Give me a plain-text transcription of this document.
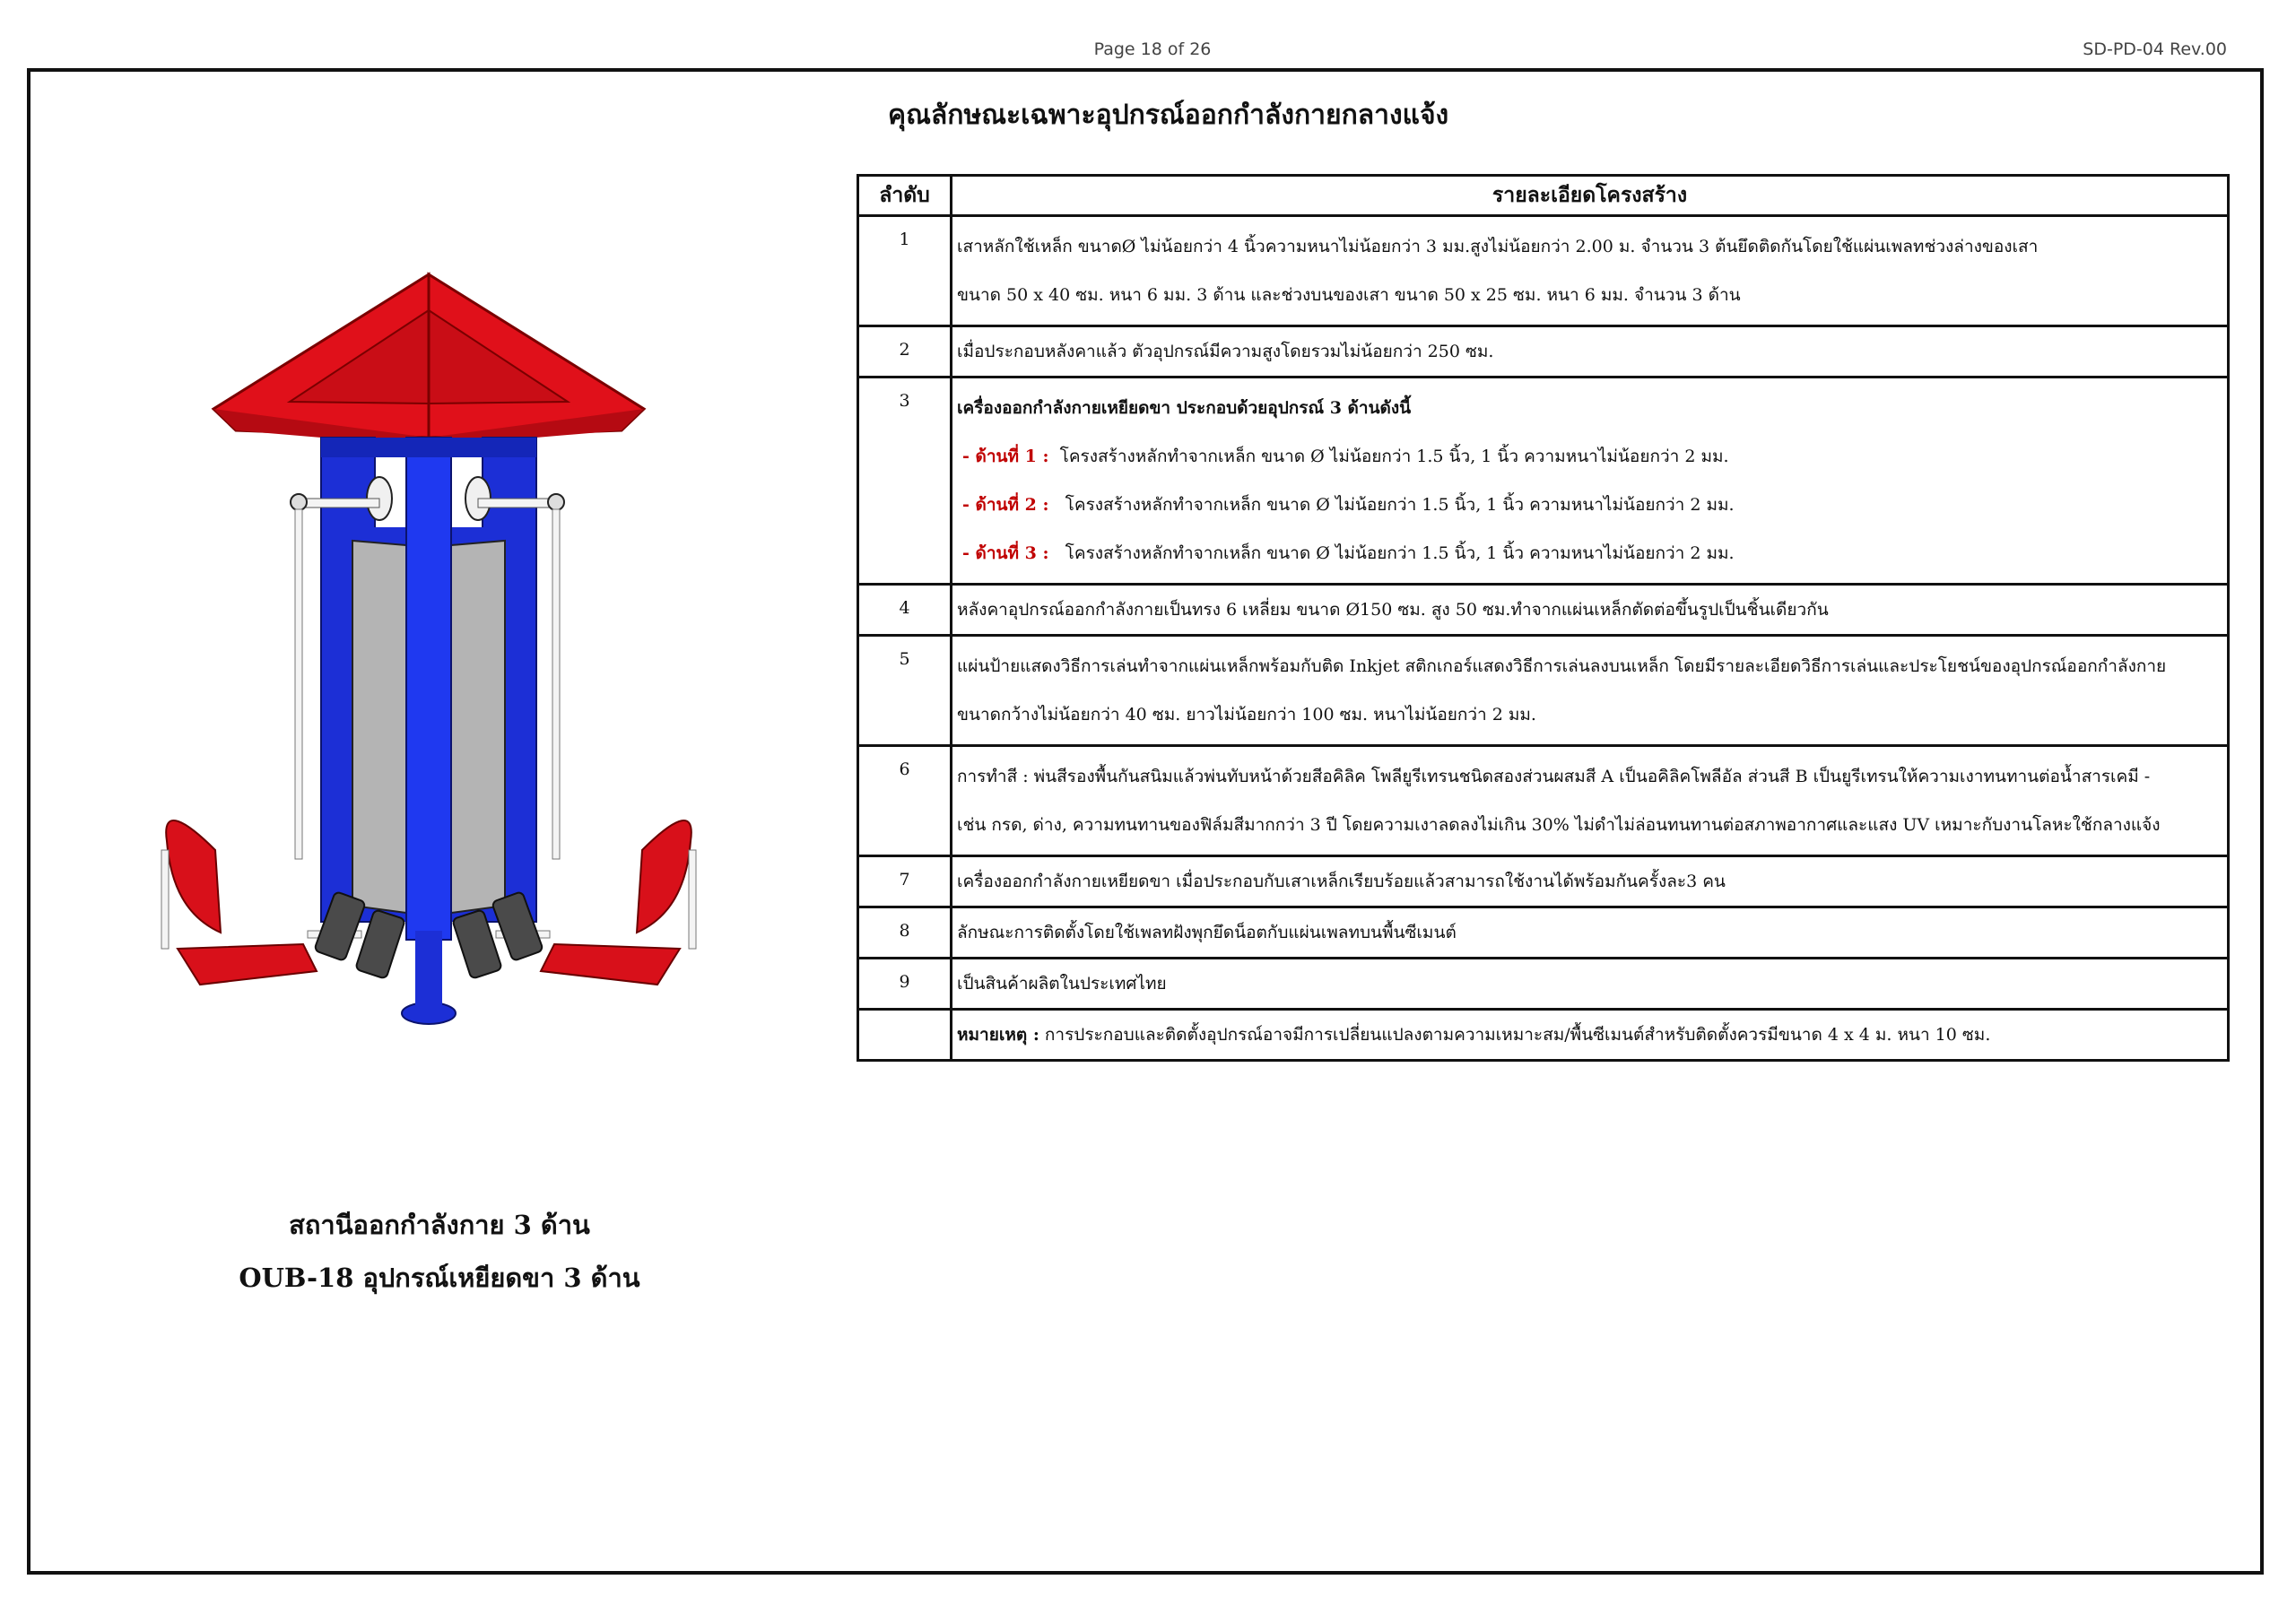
Page 18 of 26	SD-PD-04 Rev.00
คุณลักษณะเฉพาะอุปกรณ์ออกกำลังกายกลางแจ้ง
ลำดับ	รายละเอียดโครงสร้าง
1	เสาหลักใช้เหล็ก ขนาดØ ไม่น้อยกว่า 4 นิ้วความหนาไม่น้อยกว่า 3 มม.สูงไม่น้อยกว่า 2.00 ม. จำนวน 3 ต้นยึดติดกันโดยใช้แผ่นเพลทช่วงล่างของเสา
ขนาด 50 x 40 ซม. หนา 6 มม. 3 ด้าน และช่วงบนของเสา ขนาด 50 x 25 ซม. หนา 6 มม. จำนวน 3 ด้าน

2	เมื่อประกอบหลังคาแล้ว ตัวอุปกรณ์มีความสูงโดยรวมไม่น้อยกว่า 250 ซม.

3	เครื่องออกกำลังกายเหยียดขา ประกอบด้วยอุปกรณ์ 3 ด้านดังนี้
- ด้านที่ 1 : โครงสร้างหลักทำจากเหล็ก ขนาด Ø ไม่น้อยกว่า 1.5 นิ้ว, 1 นิ้ว ความหนาไม่น้อยกว่า 2 มม.
- ด้านที่ 2 : โครงสร้างหลักทำจากเหล็ก ขนาด Ø ไม่น้อยกว่า 1.5 นิ้ว, 1 นิ้ว ความหนาไม่น้อยกว่า 2 มม.
- ด้านที่ 3 : โครงสร้างหลักทำจากเหล็ก ขนาด Ø ไม่น้อยกว่า 1.5 นิ้ว, 1 นิ้ว ความหนาไม่น้อยกว่า 2 มม.

4	หลังคาอุปกรณ์ออกกำลังกายเป็นทรง 6 เหลี่ยม ขนาด Ø150 ซม. สูง 50 ซม.ทำจากแผ่นเหล็กตัดต่อขึ้นรูปเป็นชิ้นเดียวกัน

5	แผ่นป้ายแสดงวิธีการเล่นทำจากแผ่นเหล็กพร้อมกับติด Inkjet สติกเกอร์แสดงวิธีการเล่นลงบนเหล็ก โดยมีรายละเอียดวิธีการเล่นและประโยชน์ของอุปกรณ์ออกกำลังกาย
ขนาดกว้างไม่น้อยกว่า 40 ซม. ยาวไม่น้อยกว่า 100 ซม. หนาไม่น้อยกว่า 2 มม.

6	การทำสี : พ่นสีรองพื้นกันสนิมแล้วพ่นทับหน้าด้วยสีอคิลิค โพลียูรีเทรนชนิดสองส่วนผสมสี A เป็นอคิลิคโพลีอัล ส่วนสี B เป็นยูรีเทรนให้ความเงาทนทานต่อน้ำสารเคมี -
เช่น กรด, ด่าง, ความทนทานของฟิล์มสีมากกว่า 3 ปี โดยความเงาลดลงไม่เกิน 30% ไม่ดำไม่ล่อนทนทานต่อสภาพอากาศและแสง UV เหมาะกับงานโลหะใช้กลางแจ้ง

7	เครื่องออกกำลังกายเหยียดขา เมื่อประกอบกับเสาเหล็กเรียบร้อยแล้วสามารถใช้งานได้พร้อมกันครั้งละ3 คน

8	ลักษณะการติดตั้งโดยใช้เพลทฝังพุกยึดน็อตกับแผ่นเพลทบนพื้นซีเมนต์

9	เป็นสินค้าผลิตในประเทศไทย

	หมายเหตุ : การประกอบและติดตั้งอุปกรณ์อาจมีการเปลี่ยนแปลงตามความเหมาะสม/พื้นซีเมนต์สำหรับติดตั้งควรมีขนาด 4 x 4 ม. หนา 10 ซม.
สถานีออกกำลังกาย 3 ด้าน
OUB-18 อุปกรณ์เหยียดขา 3 ด้าน
